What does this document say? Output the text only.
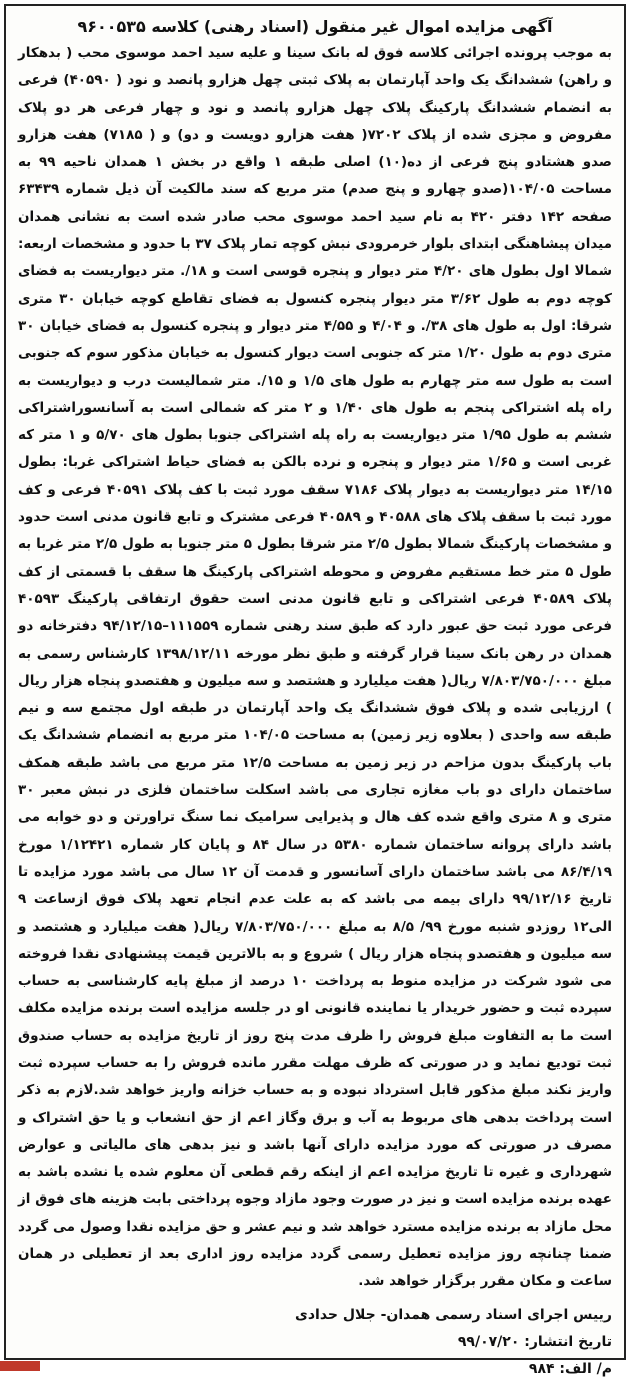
آگهی مزایده اموال غیر منقول (اسناد رهنی) کلاسه ۹۶۰۰۵۳۵

به موجب پرونده اجرائی کلاسه فوق له بانک سینا و علیه سید احمد موسوی محب ( بدهکار و راهن) ششدانگ یک واحد آپارتمان به پلاک ثبتی چهل هزارو پانصد و نود ( ۴۰۵۹۰) فرعی به انضمام ششدانگ پارکینگ پلاک چهل هزارو پانصد و نود و چهار فرعی هر دو پلاک مفروض و مجزی شده از پلاک ۷۲۰۲( هفت هزارو دویست و دو) و ( ۷۱۸۵) هفت هزارو صدو هشتادو پنج فرعی از ده(۱۰) اصلی طبقه ۱ واقع در بخش ۱ همدان ناحیه ۹۹ به مساحت ۱۰۴/۰۵(صدو چهارو و پنج صدم) متر مربع که سند مالکیت آن ذیل شماره ۶۳۴۳۹ صفحه ۱۴۲ دفتر ۴۲۰ به نام سید احمد موسوی محب صادر شده است به نشانی همدان میدان پیشاهنگی ابتدای بلوار خرمرودی نبش کوچه تمار پلاک ۳۷ با حدود و مشخصات اربعه: شمالا اول بطول های ۴/۲۰ متر دیوار و پنجره قوسی است و ۱۸/. متر دیواریست به فضای کوچه دوم به طول ۳/۶۲ متر دیوار پنجره کنسول به فضای تقاطع کوچه خیابان ۳۰ متری شرقا: اول به طول های ۳۸/. و ۴/۰۴ و ۴/۵۵ متر دیوار و پنجره کنسول به فضای خیابان ۳۰ متری دوم به طول ۱/۲۰ متر که جنوبی است دیوار کنسول به خیابان مذکور سوم که جنوبی است به طول سه متر چهارم به طول های ۱/۵ و ۱۵/. متر شمالیست درب و دیواریست به راه پله اشتراکی پنجم به طول های ۱/۴۰ و ۲ متر که شمالی است به آسانسوراشتراکی ششم به طول ۱/۹۵ متر دیواریست به راه پله اشتراکی جنوبا بطول های ۵/۷۰ و ۱ متر که غربی است و ۱/۶۵ متر دیوار و پنجره و نرده بالکن به فضای حیاط اشتراکی غربا: بطول ۱۴/۱۵ متر دیواریست به دیوار پلاک ۷۱۸۶ سقف مورد ثبت با کف پلاک ۴۰۵۹۱ فرعی و کف مورد ثبت با سقف پلاک های ۴۰۵۸۸ و ۴۰۵۸۹ فرعی مشترک و تابع قانون مدنی است حدود و مشخصات پارکینگ شمالا بطول ۲/۵ متر شرقا بطول ۵ متر جنوبا به طول ۲/۵ متر غربا به طول ۵ متر خط مستقیم مفروض و محوطه اشتراکی پارکینگ ها سقف با قسمتی از کف پلاک ۴۰۵۸۹ فرعی اشتراکی و تابع قانون مدنی است حقوق ارتفاقی پارکینگ ۴۰۵۹۳ فرعی مورد ثبت حق عبور دارد که طبق سند رهنی شماره ۱۱۱۵۵۹–۹۴/۱۲/۱۵ دفترخانه دو همدان در رهن بانک سینا قرار گرفته و طبق نظر مورخه ۱۳۹۸/۱۲/۱۱ کارشناس رسمی به مبلغ ۷/۸۰۳/۷۵۰/۰۰۰ ریال( هفت میلیارد و هشتصد و سه میلیون و هفتصدو پنجاه هزار ریال ) ارزیابی شده و پلاک فوق ششدانگ یک واحد آپارتمان در طبقه اول مجتمع سه و نیم طبقه سه واحدی ( بعلاوه زیر زمین) به مساحت ۱۰۴/۰۵ متر مربع به انضمام ششدانگ یک باب پارکینگ بدون مزاحم در زیر زمین به مساحت ۱۲/۵ متر مربع می باشد طبقه همکف ساختمان دارای دو باب مغازه تجاری می باشد اسکلت ساختمان فلزی در نبش معبر ۳۰ متری و ۸ متری واقع شده کف هال و پذیرایی سرامیک نما سنگ تراورتن و دو خوابه می باشد دارای پروانه ساختمان شماره ۵۳۸۰ در سال ۸۴ و پایان کار شماره ۱/۱۲۴۲۱ مورخ ۸۶/۴/۱۹ می باشد ساختمان دارای آسانسور و قدمت آن ۱۲ سال می باشد مورد مزایده تا تاریخ ۹۹/۱۲/۱۶ دارای بیمه می باشد که به علت عدم انجام تعهد پلاک فوق ازساعت ۹ الی۱۲ روزدو شنبه مورخ ۹۹/ ۸/۵ به مبلغ ۷/۸۰۳/۷۵۰/۰۰۰ ریال( هفت میلیارد و هشتصد و سه میلیون و هفتصدو پنجاه هزار ریال ) شروع و به بالاترین قیمت پیشنهادی نقدا فروخته می شود شرکت در مزایده منوط به پرداخت ۱۰ درصد از مبلغ پایه کارشناسی به حساب سپرده ثبت و حضور خریدار یا نماینده قانونی او در جلسه مزایده است برنده مزایده مکلف است ما به التفاوت مبلغ فروش را ظرف مدت پنج روز از تاریخ مزایده به حساب صندوق ثبت تودیع نماید و در صورتی که ظرف مهلت مقرر مانده فروش را به حساب سپرده ثبت واریز نکند مبلغ مذکور قابل استرداد نبوده و به حساب خزانه واریز خواهد شد.لازم به ذکر است پرداخت بدهی های مربوط به آب و برق وگاز اعم از حق انشعاب و یا حق اشتراک و مصرف در صورتی که مورد مزایده دارای آنها باشد و نیز بدهی های مالیاتی و عوارض شهرداری و غیره تا تاریخ مزایده اعم از اینکه رقم قطعی آن معلوم شده یا نشده باشد به عهده برنده مزایده است و نیز در صورت وجود مازاد وجوه پرداختی بابت هزینه های فوق از محل مازاد به برنده مزایده مسترد خواهد شد و نیم عشر و حق مزایده نقدا وصول می گردد ضمنا چنانچه روز مزایده تعطیل رسمی گردد مزایده روز اداری بعد از تعطیلی در همان ساعت و مکان مقرر برگزار خواهد شد.

رییس اجرای اسناد رسمی همدان- جلال حدادی

تاریخ انتشار: ۹۹/۰۷/۲۰

م/ الف: ۹۸۴
